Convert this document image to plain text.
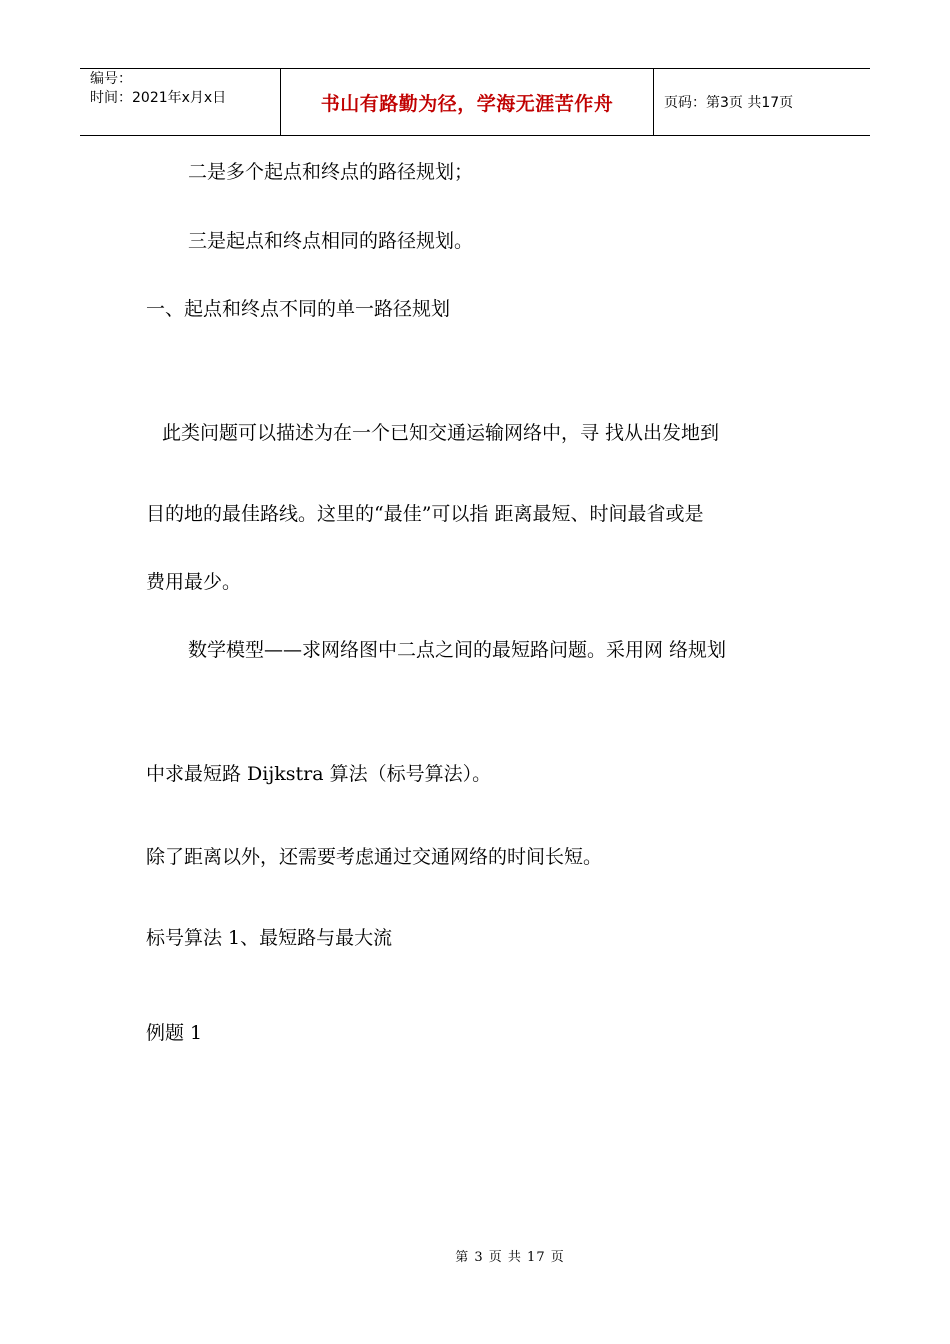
编号：
时间：2021年x月x日	书山有路勤为径，学海无涯苦作舟	页码：第3页 共17页

二是多个起点和终点的路径规划；

三是起点和终点相同的路径规划。

一、起点和终点不同的单一路径规划

此类问题可以描述为在一个已知交通运输网络中，寻 找从出发地到

目的地的最佳路线。这里的“最佳”可以指 距离最短、时间最省或是

费用最少。

数学模型——求网络图中二点之间的最短路问题。采用网 络规划

中求最短路 Dijkstra 算法（标号算法）。

除了距离以外，还需要考虑通过交通网络的时间长短。

标号算法 1、最短路与最大流

例题 1

第 3 页 共 17 页
